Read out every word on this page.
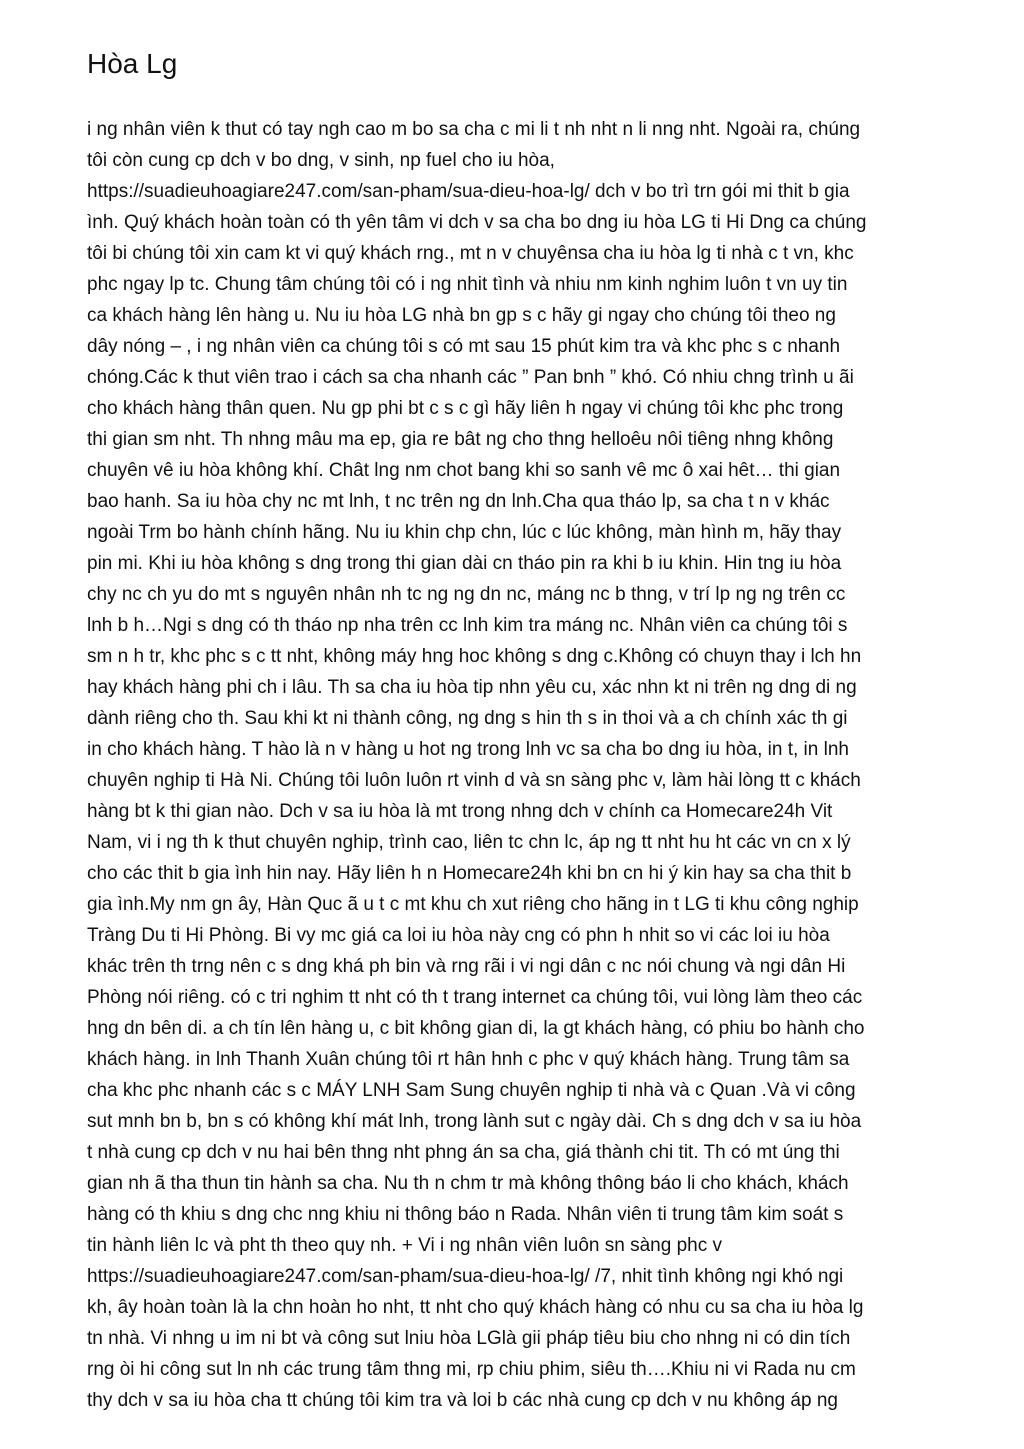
Hòa Lg
i ng nhân viên k thut có tay ngh cao m bo sa cha c mi li t nh nht n li nng nht. Ngoài ra, chúng
tôi còn cung cp dch v bo dng, v sinh, np fuel cho iu hòa,
https://suadieuhoagiare247.com/san-pham/sua-dieu-hoa-lg/ dch v bo trì trn gói mi thit b gia
ình. Quý khách hoàn toàn có th yên tâm vi dch v sa cha bo dng iu hòa LG ti Hi Dng ca chúng
tôi bi chúng tôi xin cam kt vi quý khách rng., mt n v chuyênsa cha iu hòa lg ti nhà c t vn, khc
phc ngay lp tc. Chung tâm chúng tôi có i ng nhit tình và nhiu nm kinh nghim luôn t vn uy tin
ca khách hàng lên hàng u. Nu iu hòa LG nhà bn gp s c hãy gi ngay cho chúng tôi theo ng
dây nóng – , i ng nhân viên ca chúng tôi s có mt sau 15 phút kim tra và khc phc s c nhanh
chóng.Các k thut viên trao i cách sa cha nhanh các ” Pan bnh ” khó. Có nhiu chng trình u ãi
cho khách hàng thân quen. Nu gp phi bt c s c gì hãy liên h ngay vi chúng tôi khc phc trong
thi gian sm nht. Th nhng mâu ma ep, gia re bât ng cho thng helloêu nôi tiêng nhng không
chuyên vê iu hòa không khí. Chât lng nm chot bang khi so sanh vê mc ô xai hêt… thi gian
bao hanh. Sa iu hòa chy nc mt lnh, t nc trên ng dn lnh.Cha qua tháo lp, sa cha t n v khác
ngoài Trm bo hành chính hãng. Nu iu khin chp chn, lúc c lúc không, màn hình m, hãy thay
pin mi. Khi iu hòa không s dng trong thi gian dài cn tháo pin ra khi b iu khin. Hin tng iu hòa
chy nc ch yu do mt s nguyên nhân nh tc ng ng dn nc, máng nc b thng, v trí lp ng ng trên cc
lnh b h…Ngi s dng có th tháo np nha trên cc lnh kim tra máng nc. Nhân viên ca chúng tôi s
sm n h tr, khc phc s c tt nht, không máy hng hoc không s dng c.Không có chuyn thay i lch hn
hay khách hàng phi ch i lâu. Th sa cha iu hòa tip nhn yêu cu, xác nhn kt ni trên ng dng di ng
dành riêng cho th. Sau khi kt ni thành công, ng dng s hin th s in thoi và a ch chính xác th gi
in cho khách hàng. T hào là n v hàng u hot ng trong lnh vc sa cha bo dng iu hòa, in t, in lnh
chuyên nghip ti Hà Ni. Chúng tôi luôn luôn rt vinh d và sn sàng phc v, làm hài lòng tt c khách
hàng bt k thi gian nào. Dch v sa iu hòa là mt trong nhng dch v chính ca Homecare24h Vit
Nam, vi i ng th k thut chuyên nghip, trình cao, liên tc chn lc, áp ng tt nht hu ht các vn cn x lý
cho các thit b gia ình hin nay. Hãy liên h n Homecare24h khi bn cn hi ý kin hay sa cha thit b
gia ình.My nm gn ây, Hàn Quc ã u t c mt khu ch xut riêng cho hãng in t LG ti khu công nghip
Tràng Du ti Hi Phòng. Bi vy mc giá ca loi iu hòa này cng có phn h nhit so vi các loi iu hòa
khác trên th trng nên c s dng khá ph bin và rng rãi i vi ngi dân c nc nói chung và ngi dân Hi
Phòng nói riêng. có c tri nghim tt nht có th t trang internet ca chúng tôi, vui lòng làm theo các
hng dn bên di. a ch tín lên hàng u, c bit không gian di, la gt khách hàng, có phiu bo hành cho
khách hàng. in lnh Thanh Xuân chúng tôi rt hân hnh c phc v quý khách hàng. Trung tâm sa
cha khc phc nhanh các s c MÁY LNH Sam Sung chuyên nghip ti nhà và c Quan .Và vi công
sut mnh bn b, bn s có không khí mát lnh, trong lành sut c ngày dài. Ch s dng dch v sa iu hòa
t nhà cung cp dch v nu hai bên thng nht phng án sa cha, giá thành chi tit. Th có mt úng thi
gian nh ã tha thun tin hành sa cha. Nu th n chm tr mà không thông báo li cho khách, khách
hàng có th khiu s dng chc nng khiu ni thông báo n Rada. Nhân viên ti trung tâm kim soát s
tin hành liên lc và pht th theo quy nh. + Vi i ng nhân viên luôn sn sàng phc v
https://suadieuhoagiare247.com/san-pham/sua-dieu-hoa-lg/ /7, nhit tình không ngi khó ngi
kh, ây hoàn toàn là la chn hoàn ho nht, tt nht cho quý khách hàng có nhu cu sa cha iu hòa lg
tn nhà. Vi nhng u im ni bt và công sut lniu hòa LGlà gii pháp tiêu biu cho nhng ni có din tích
rng òi hi công sut ln nh các trung tâm thng mi, rp chiu phim, siêu th….Khiu ni vi Rada nu cm
thy dch v sa iu hòa cha tt chúng tôi kim tra và loi b các nhà cung cp dch v nu không áp ng
